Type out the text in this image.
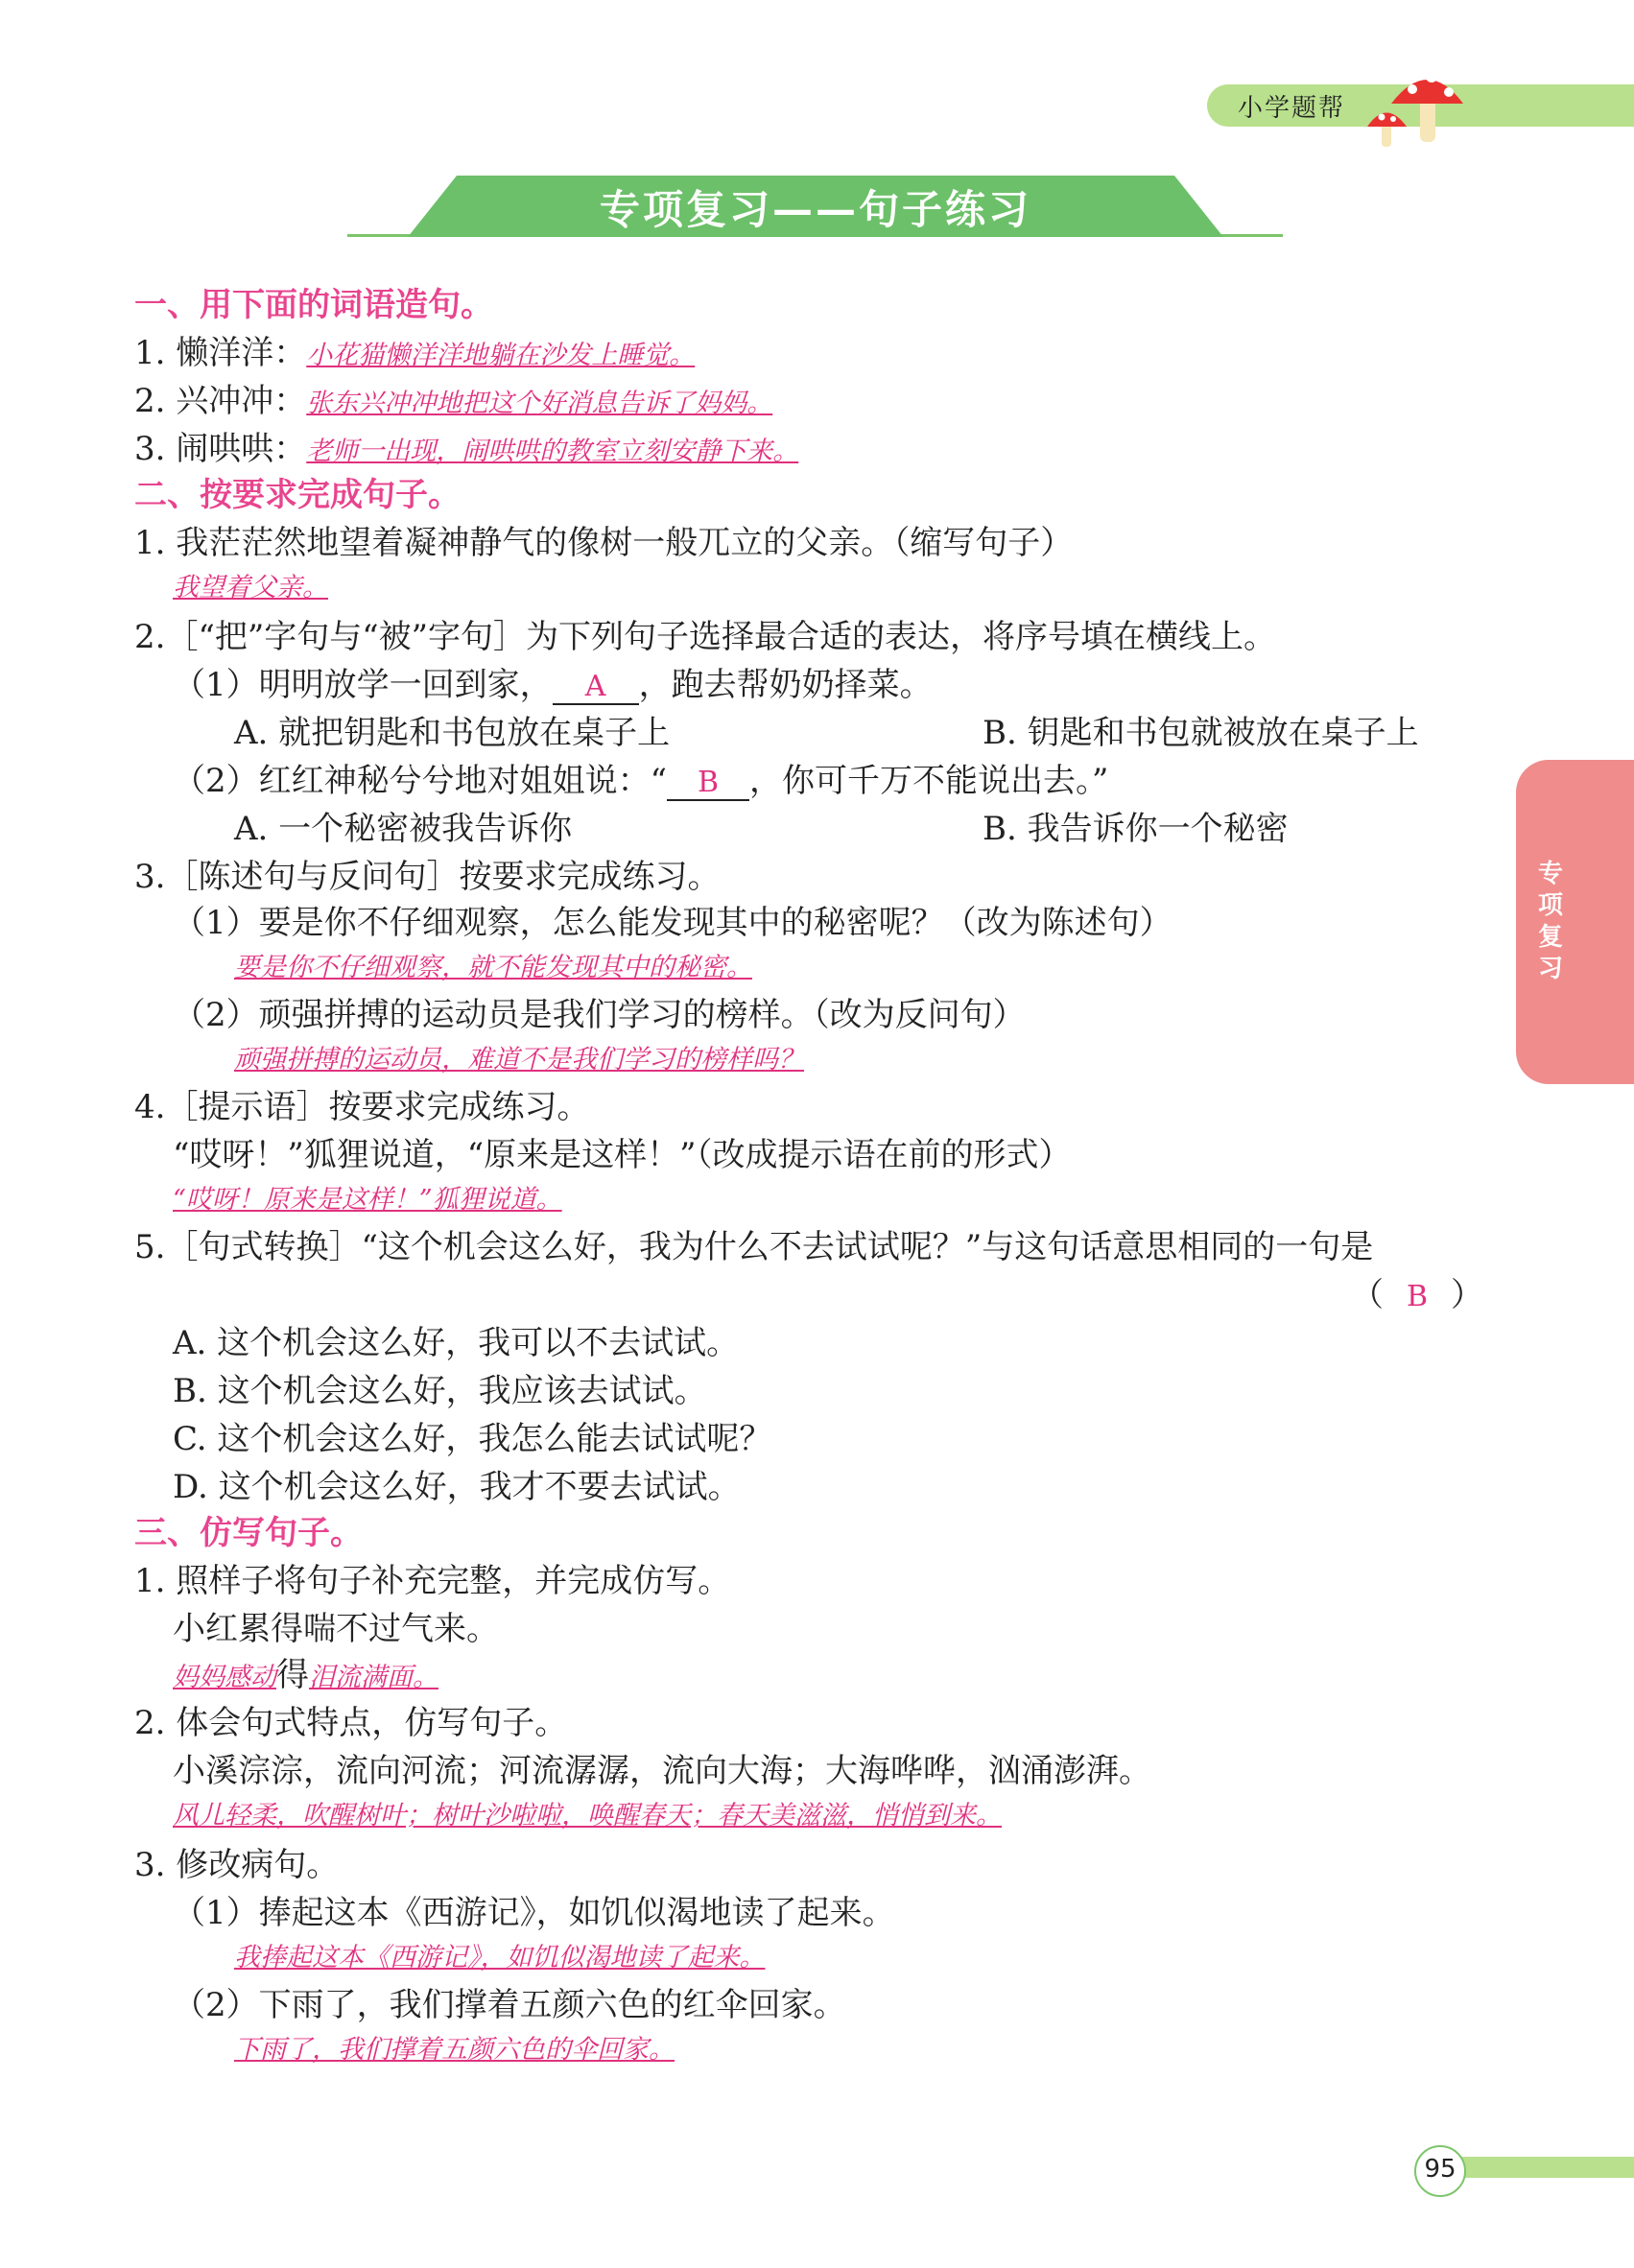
小学题帮
专项复习——句子练习
专项复习
一、用下面的词语造句。
1. 懒洋洋：小花猫懒洋洋地躺在沙发上睡觉。
2. 兴冲冲：张东兴冲冲地把这个好消息告诉了妈妈。
3. 闹哄哄：老师一出现，闹哄哄的教室立刻安静下来。
二、按要求完成句子。
1. 我茫茫然地望着凝神静气的像树一般兀立的父亲。（缩写句子）
我望着父亲。
2.［“把”字句与“被”字句］为下列句子选择最合适的表达，将序号填在横线上。
（1）明明放学一回到家， A ，跑去帮奶奶择菜。
A. 就把钥匙和书包放在桌子上	B. 钥匙和书包就被放在桌子上
（2）红红神秘兮兮地对姐姐说：“ B ，你可千万不能说出去。”
A. 一个秘密被我告诉你	B. 我告诉你一个秘密
3.［陈述句与反问句］按要求完成练习。
（1）要是你不仔细观察，怎么能发现其中的秘密呢？（改为陈述句）
要是你不仔细观察，就不能发现其中的秘密。
（2）顽强拼搏的运动员是我们学习的榜样。（改为反问句）
顽强拼搏的运动员，难道不是我们学习的榜样吗？
4.［提示语］按要求完成练习。
“哎呀！”狐狸说道，“原来是这样！”（改成提示语在前的形式）
“哎呀！原来是这样！”狐狸说道。
5.［句式转换］“这个机会这么好，我为什么不去试试呢？”与这句话意思相同的一句是
（ B ）
A. 这个机会这么好，我可以不去试试。
B. 这个机会这么好，我应该去试试。
C. 这个机会这么好，我怎么能去试试呢？
D. 这个机会这么好，我才不要去试试。
三、仿写句子。
1. 照样子将句子补充完整，并完成仿写。
小红累得喘不过气来。
妈妈感动得泪流满面。
2. 体会句式特点，仿写句子。
小溪淙淙，流向河流；河流潺潺，流向大海；大海哗哗，汹涌澎湃。
风儿轻柔，吹醒树叶；树叶沙啦啦，唤醒春天；春天美滋滋，悄悄到来。
3. 修改病句。
（1）捧起这本《西游记》，如饥似渴地读了起来。
我捧起这本《西游记》，如饥似渴地读了起来。
（2）下雨了，我们撑着五颜六色的红伞回家。
下雨了，我们撑着五颜六色的伞回家。
95
